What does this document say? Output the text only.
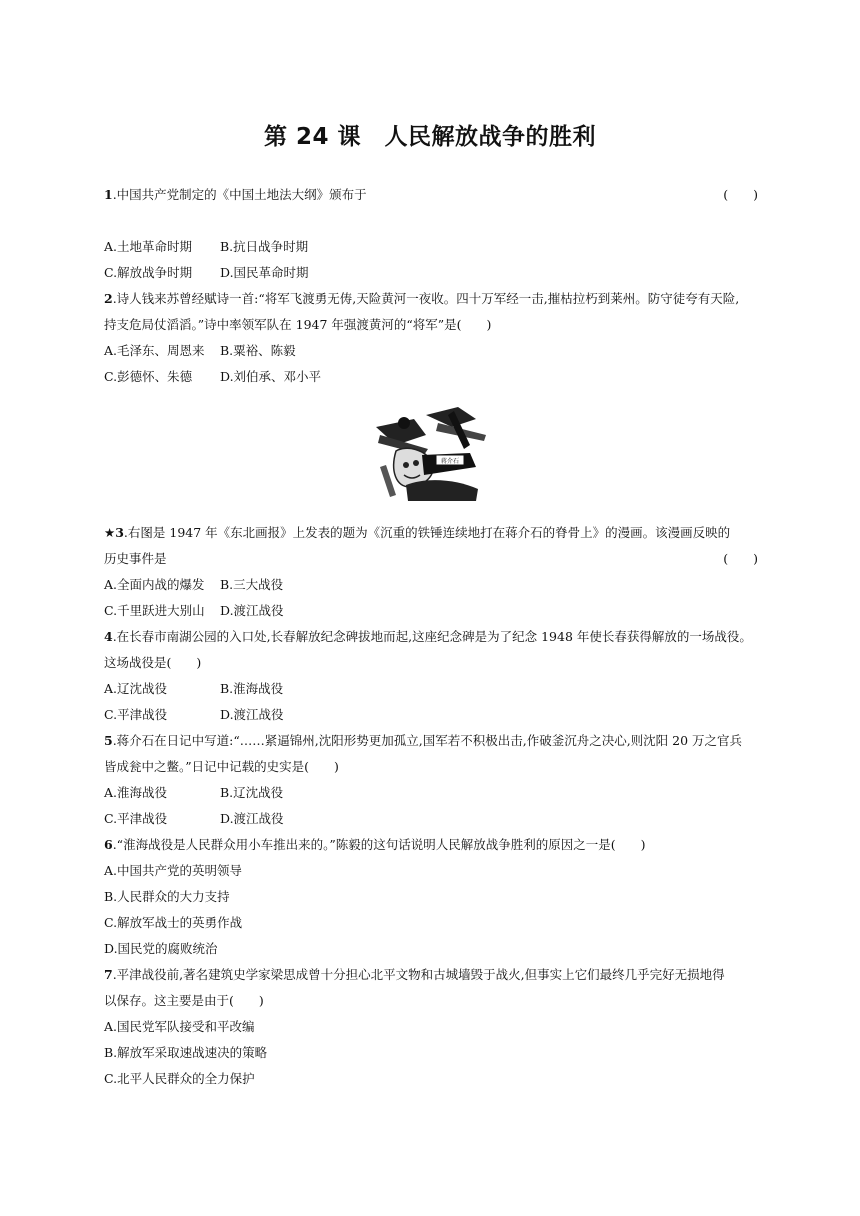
第 24 课　人民解放战争的胜利
1.中国共产党制定的《中国土地法大纲》颁布于	(　　)
A.土地革命时期 B.抗日战争时期
C.解放战争时期 D.国民革命时期
2.诗人钱来苏曾经赋诗一首:“将军飞渡勇无俦,天险黄河一夜收。四十万军经一击,摧枯拉朽到莱州。防守徒夸有天险,
持支危局仗滔滔。”诗中率领军队在 1947 年强渡黄河的“将军”是(　　)
A.毛泽东、周恩来 B.粟裕、陈毅
C.彭德怀、朱德 D.刘伯承、邓小平
蒋介石
★3.右图是 1947 年《东北画报》上发表的题为《沉重的铁锤连续地打在蒋介石的脊骨上》的漫画。该漫画反映的
历史事件是	(　　)
A.全面内战的爆发 B.三大战役
C.千里跃进大别山 D.渡江战役
4.在长春市南湖公园的入口处,长春解放纪念碑拔地而起,这座纪念碑是为了纪念 1948 年使长春获得解放的一场战役。
这场战役是(　　)
A.辽沈战役	B.淮海战役
C.平津战役	D.渡江战役
5.蒋介石在日记中写道:“……紧逼锦州,沈阳形势更加孤立,国军若不积极出击,作破釜沉舟之决心,则沈阳 20 万之官兵
皆成瓮中之鳖。”日记中记载的史实是(　　)
A.淮海战役	B.辽沈战役
C.平津战役	D.渡江战役
6.“淮海战役是人民群众用小车推出来的。”陈毅的这句话说明人民解放战争胜利的原因之一是(　　)
A.中国共产党的英明领导
B.人民群众的大力支持
C.解放军战士的英勇作战
D.国民党的腐败统治
7.平津战役前,著名建筑史学家梁思成曾十分担心北平文物和古城墙毁于战火,但事实上它们最终几乎完好无损地得
以保存。这主要是由于(　　)
A.国民党军队接受和平改编
B.解放军采取速战速决的策略
C.北平人民群众的全力保护
